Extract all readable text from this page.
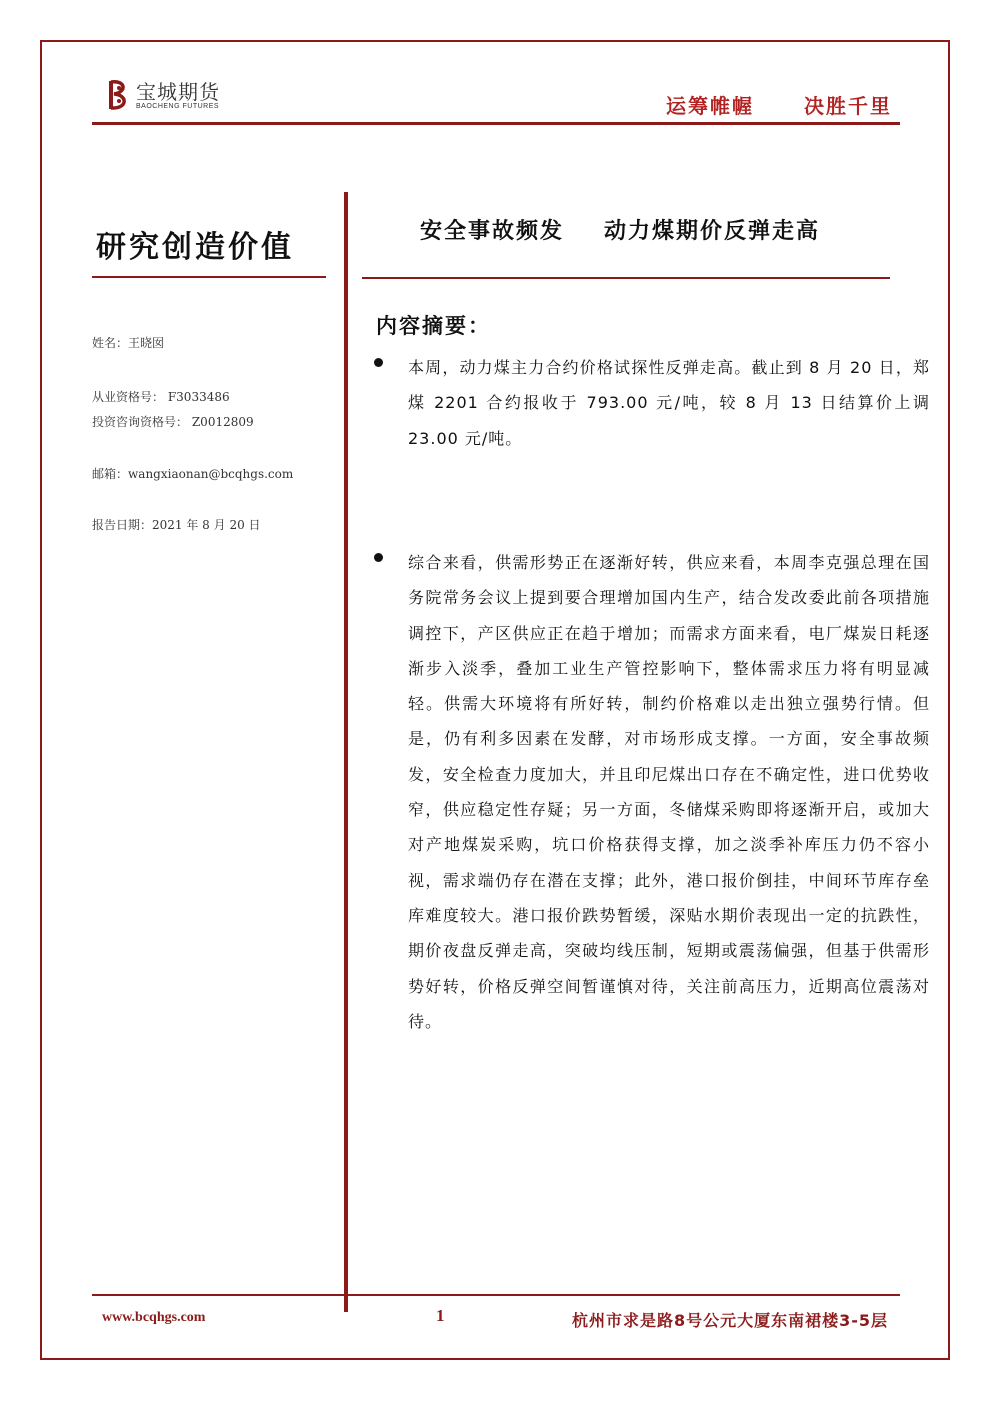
宝城期货
BAOCHENG FUTURES	运筹帷幄	决胜千里
研究创造价值	安全事故频发 动力煤期价反弹走高
姓名：王晓囡
从业资格号： F3033486
投资咨询资格号： Z0012809
邮箱：wangxiaonan@bcqhgs.com
报告日期：2021 年 8 月 20 日
内容摘要：
本周，动力煤主力合约价格试探性反弹走高。截止到 8 月 20 日，郑煤 2201 合约报收于 793.00 元/吨，较 8 月 13 日结算价上调 23.00 元/吨。
综合来看，供需形势正在逐渐好转，供应来看，本周李克强总理在国务院常务会议上提到要合理增加国内生产，结合发改委此前各项措施调控下，产区供应正在趋于增加；而需求方面来看，电厂煤炭日耗逐渐步入淡季，叠加工业生产管控影响下，整体需求压力将有明显减轻。供需大环境将有所好转，制约价格难以走出独立强势行情。但是，仍有利多因素在发酵，对市场形成支撑。一方面，安全事故频发，安全检查力度加大，并且印尼煤出口存在不确定性，进口优势收窄，供应稳定性存疑；另一方面，冬储煤采购即将逐渐开启，或加大对产地煤炭采购，坑口价格获得支撑，加之淡季补库压力仍不容小视，需求端仍存在潜在支撑；此外，港口报价倒挂，中间环节库存垒库难度较大。港口报价跌势暂缓，深贴水期价表现出一定的抗跌性，期价夜盘反弹走高，突破均线压制，短期或震荡偏强，但基于供需形势好转，价格反弹空间暂谨慎对待，关注前高压力，近期高位震荡对待。
www.bcqhgs.com	1	杭州市求是路8号公元大厦东南裙楼3-5层
